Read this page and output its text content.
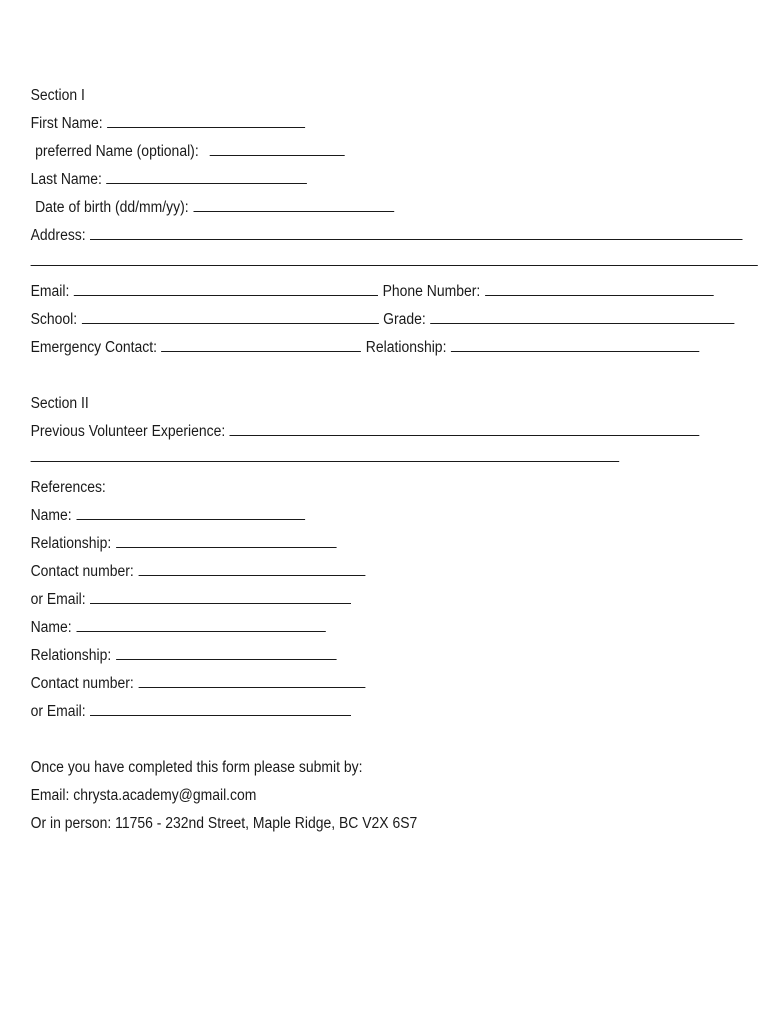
Section I
First Name:
preferred Name (optional):
Last Name:
Date of birth (dd/mm/yy):
Address:
Email:	Phone Number:
School:	Grade:
Emergency Contact:	Relationship:
Section II
Previous Volunteer Experience:
References:
Name:
Relationship:
Contact number:
or Email:
Name:
Relationship:
Contact number:
or Email:
Once you have completed this form please submit by:
Email: chrysta.academy@gmail.com
Or in person: 11756 - 232nd Street, Maple Ridge, BC V2X 6S7
